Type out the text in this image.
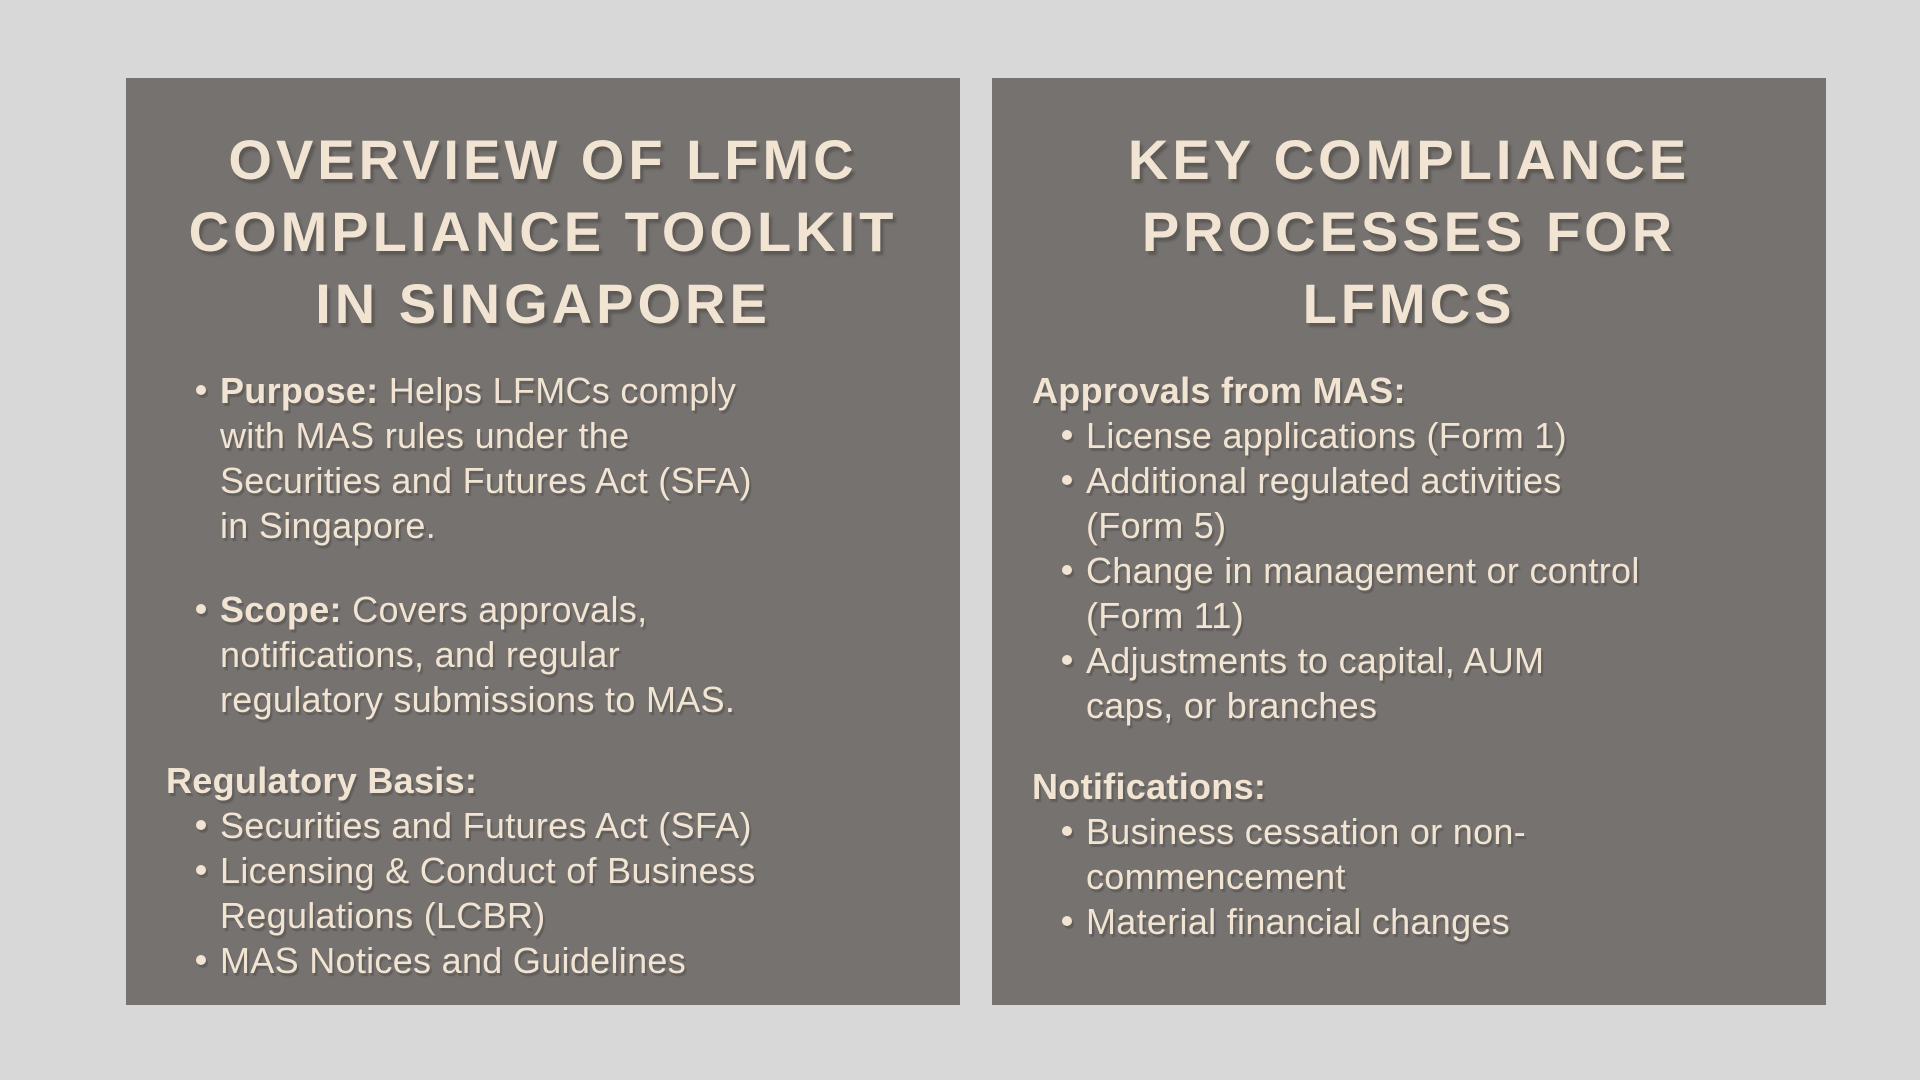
OVERVIEW OF LFMC
COMPLIANCE TOOLKIT
IN SINGAPORE
Purpose: Helps LFMCs comply
with MAS rules under the
Securities and Futures Act (SFA)
in Singapore.
Scope: Covers approvals,
notifications, and regular
regulatory submissions to MAS.
Regulatory Basis:
Securities and Futures Act (SFA)
Licensing & Conduct of Business
Regulations (LCBR)
MAS Notices and Guidelines
KEY COMPLIANCE
PROCESSES FOR
LFMCS
Approvals from MAS:
License applications (Form 1)
Additional regulated activities
(Form 5)
Change in management or control
(Form 11)
Adjustments to capital, AUM
caps, or branches
Notifications:
Business cessation or non-
commencement
Material financial changes
